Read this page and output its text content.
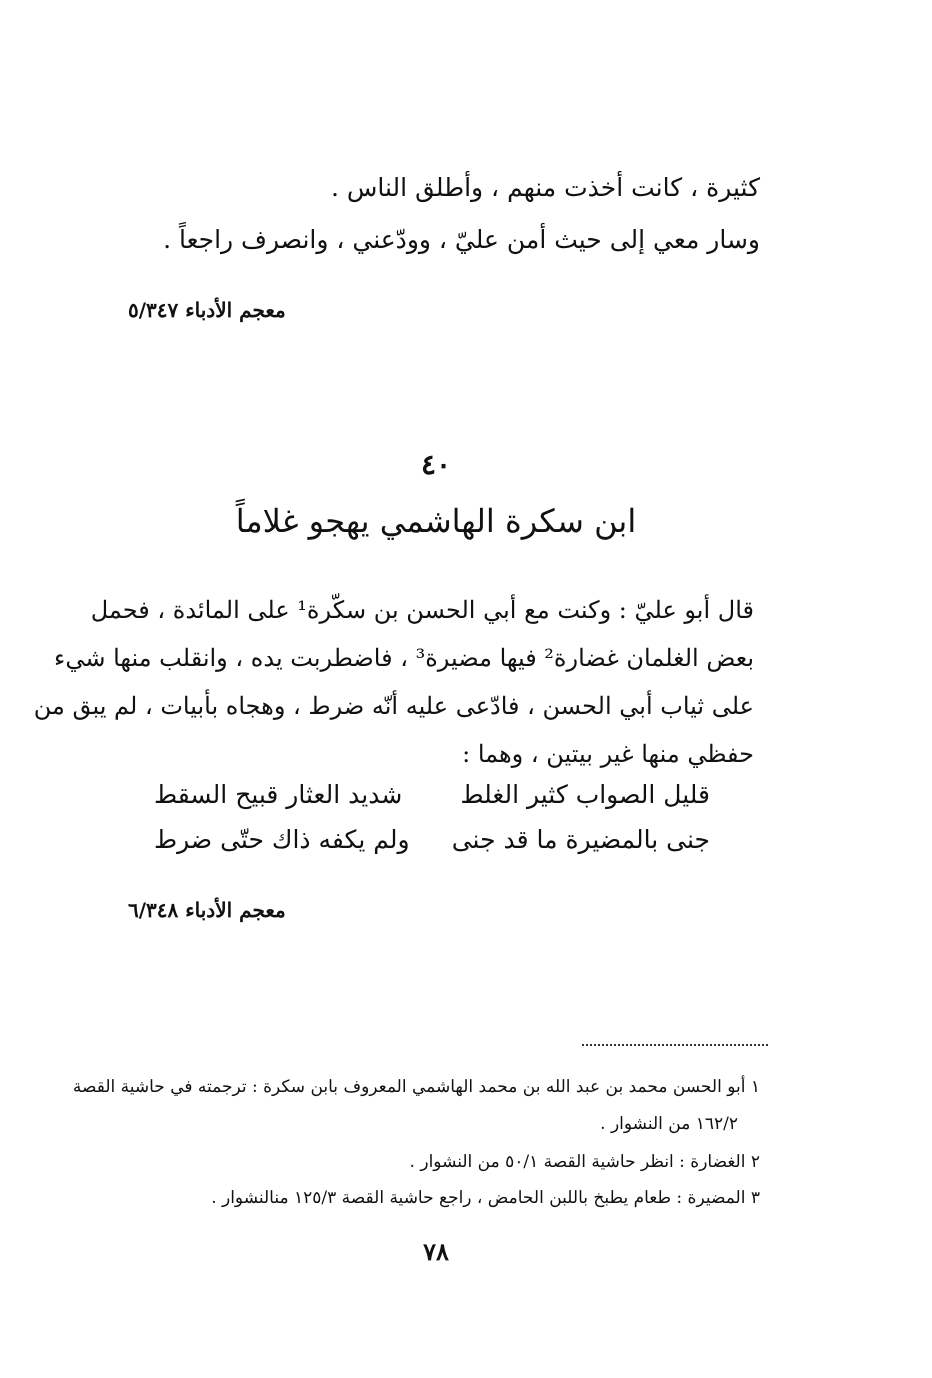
كثيرة ، كانت أخذت منهم ، وأطلق الناس .
وسار معي إلى حيث أمن عليّ ، وودّعني ، وانصرف راجعاً .
معجم الأدباء ٥/٣٤٧
٤٠
ابن سكرة الهاشمي يهجو غلاماً
قال أبو عليّ : وكنت مع أبي الحسن بن سكّرة¹ على المائدة ، فحمل
بعض الغلمان غضارة² فيها مضيرة³ ، فاضطربت يده ، وانقلب منها شيء
على ثياب أبي الحسن ، فادّعى عليه أنّه ضرط ، وهجاه بأبيات ، لم يبق من
حفظي منها غير بيتين ، وهما :
قليل الصواب كثير الغلط
شديد العثار قبيح السقط
جنى بالمضيرة ما قد جنى
ولم يكفه ذاك حتّى ضرط
معجم الأدباء ٦/٣٤٨
١ أبو الحسن محمد بن عبد الله بن محمد الهاشمي المعروف بابن سكرة : ترجمته في حاشية القصة
١٦٢/٢ من النشوار .
٢ الغضارة : انظر حاشية القصة ٥٠/١ من النشوار .
٣ المضيرة : طعام يطبخ باللبن الحامض ، راجع حاشية القصة ١٢٥/٣ منالنشوار .
٧٨
